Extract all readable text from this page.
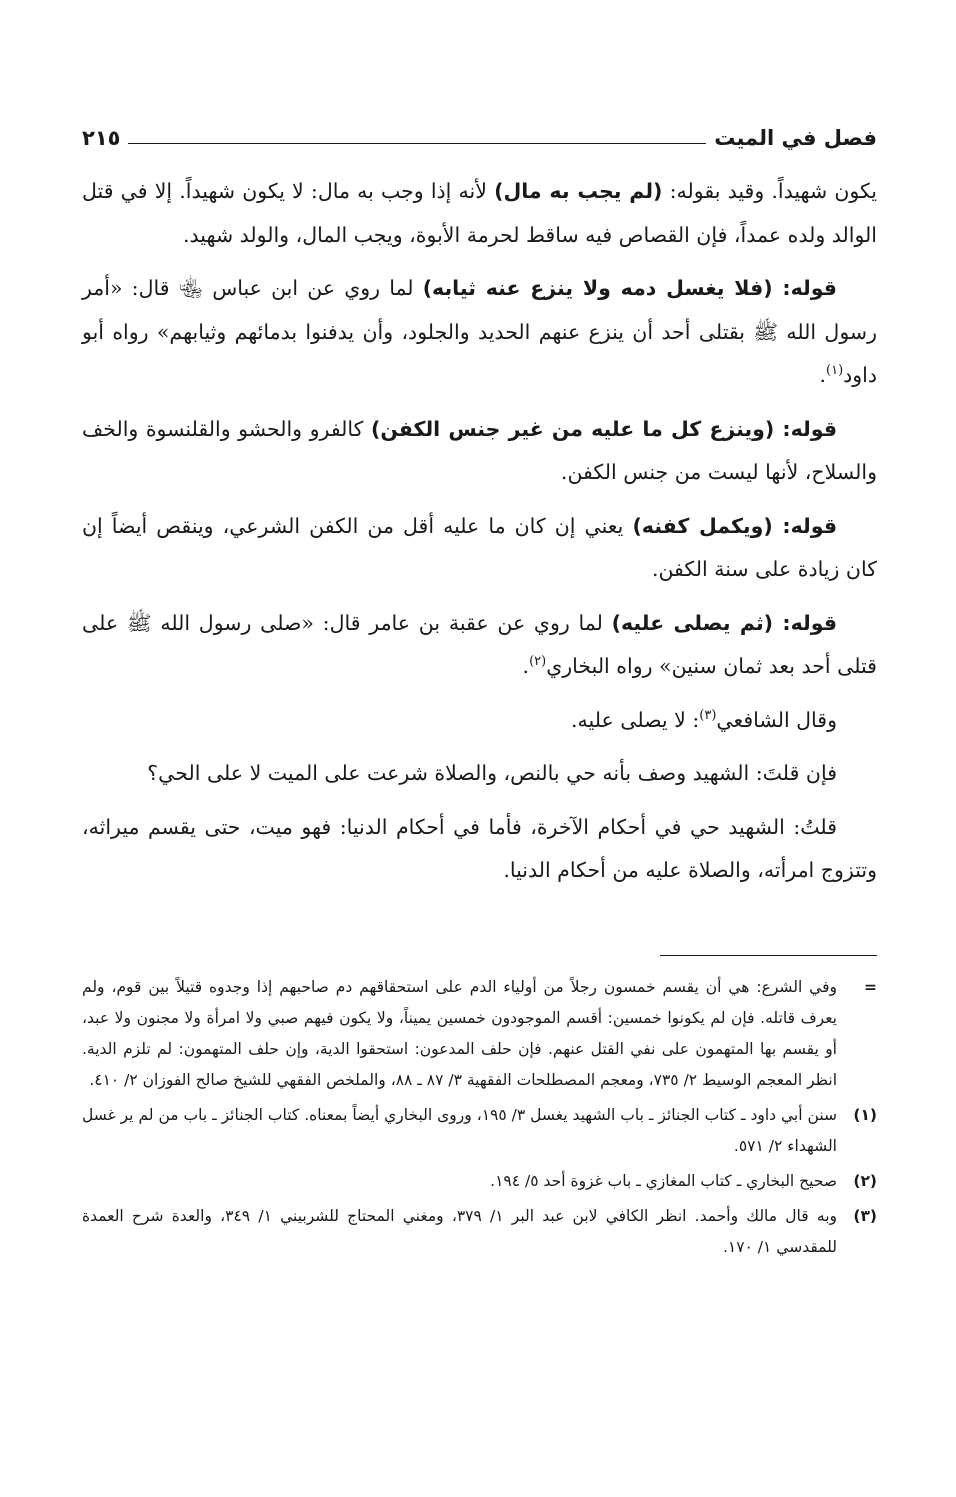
فصل في الميت
٢١٥

يكون شهيداً. وقيد بقوله: (لم يجب به مال) لأنه إذا وجب به مال: لا يكون شهيداً. إلا في قتل الوالد ولده عمداً، فإن القصاص فيه ساقط لحرمة الأبوة، ويجب المال، والولد شهيد.

قوله: (فلا يغسل دمه ولا ينزع عنه ثيابه) لما روي عن ابن عباس ﵄ قال: «أمر رسول الله ﷺ بقتلى أحد أن ينزع عنهم الحديد والجلود، وأن يدفنوا بدمائهم وثيابهم» رواه أبو داود$^{(١)}$.

قوله: (وينزع كل ما عليه من غير جنس الكفن) كالفرو والحشو والقلنسوة والخف والسلاح، لأنها ليست من جنس الكفن.

قوله: (ويكمل كفنه) يعني إن كان ما عليه أقل من الكفن الشرعي، وينقص أيضاً إن كان زيادة على سنة الكفن.

قوله: (ثم يصلى عليه) لما روي عن عقبة بن عامر قال: «صلى رسول الله ﷺ على قتلى أحد بعد ثمان سنين» رواه البخاري$^{(٢)}$.

وقال الشافعي$^{(٣)}$: لا يصلى عليه.

فإن قلتَ: الشهيد وصف بأنه حي بالنص، والصلاة شرعت على الميت لا على الحي؟

قلتُ: الشهيد حي في أحكام الآخرة، فأما في أحكام الدنيا: فهو ميت، حتى يقسم ميراثه، وتتزوج امرأته، والصلاة عليه من أحكام الدنيا.

=
وفي الشرع: هي أن يقسم خمسون رجلاً من أولياء الدم على استحقاقهم دم صاحبهم إذا وجدوه قتيلاً بين قوم، ولم يعرف قاتله. فإن لم يكونوا خمسين: أقسم الموجودون خمسين يميناً، ولا يكون فيهم صبي ولا امرأة ولا مجنون ولا عبد، أو يقسم بها المتهمون على نفي القتل عنهم. فإن حلف المدعون: استحقوا الدية، وإن حلف المتهمون: لم تلزم الدية. انظر المعجم الوسيط ٢/ ٧٣٥، ومعجم المصطلحات الفقهية ٣/ ٨٧ ـ ٨٨، والملخص الفقهي للشيخ صالح الفوزان ٢/ ٤١٠.
(١)
سنن أبي داود ـ كتاب الجنائز ـ باب الشهيد يغسل ٣/ ١٩٥، وروى البخاري أيضاً بمعناه. كتاب الجنائز ـ باب من لم ير غسل الشهداء ٢/ ٥٧١.
(٢)
صحيح البخاري ـ كتاب المغازي ـ باب غزوة أحد ٥/ ١٩٤.
(٣)
وبه قال مالك وأحمد. انظر الكافي لابن عبد البر ١/ ٣٧٩، ومغني المحتاج للشربيني ١/ ٣٤٩، والعدة شرح العمدة للمقدسي ١/ ١٧٠.
